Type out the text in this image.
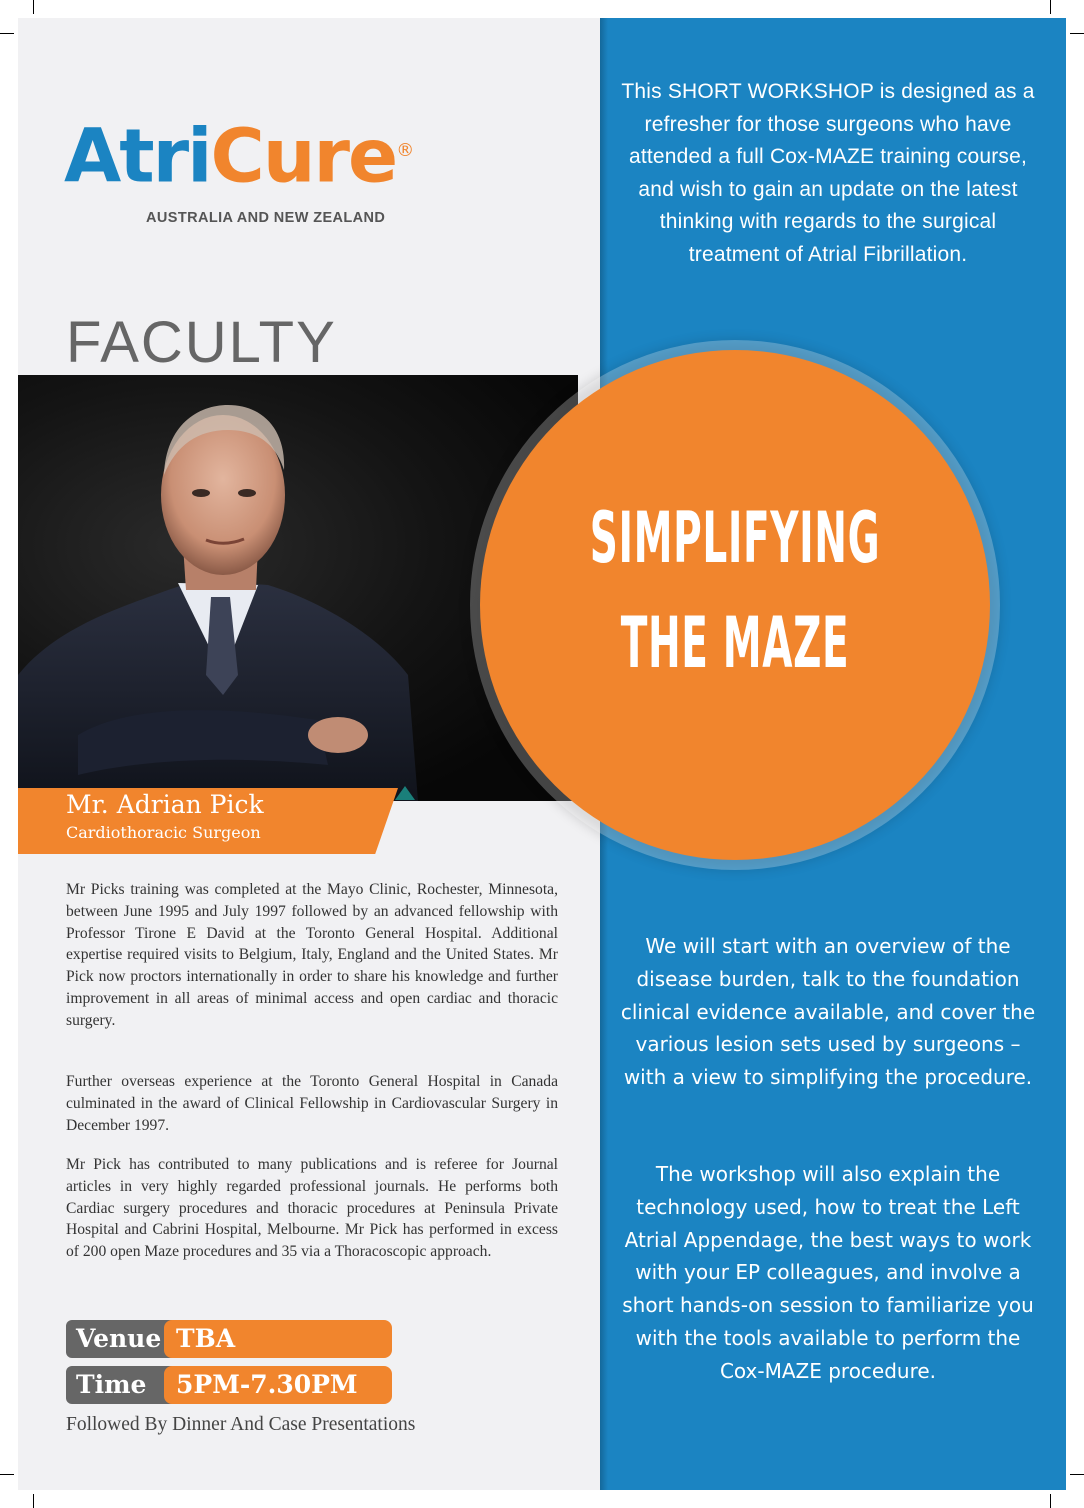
This SHORT WORKSHOP is designed as a refresher for those surgeons who have attended a full Cox-MAZE training course, and wish to gain an update on the latest thinking with regards to the surgical treatment of Atrial Fibrillation.
AtriCure®
AUSTRALIA AND NEW ZEALAND
FACULTY
SIMPLIFYING
THE MAZE
Mr. Adrian Pick
Cardiothoracic Surgeon

Mr Picks training was completed at the Mayo Clinic, Rochester, Minnesota, between June 1995 and July 1997 followed by an advanced fellowship with Professor Tirone E David at the Toronto General Hospital. Additional expertise required visits to Belgium, Italy, England and the United States. Mr Pick now proctors internationally in order to share his knowledge and further improvement in all areas of minimal access and open cardiac and thoracic surgery.

Further overseas experience at the Toronto General Hospital in Canada culminated in the award of Clinical Fellowship in Cardiovascular Surgery in December 1997.

Mr Pick has contributed to many publications and is referee for Journal articles in very highly regarded professional journals. He performs both Cardiac surgery procedures and thoracic procedures at Peninsula Private Hospital and Cabrini Hospital, Melbourne. Mr Pick has performed in excess of 200 open Maze procedures and 35 via a Thoracoscopic approach.

Venue TBA
Time 5PM-7.30PM
Followed By Dinner And Case Presentations
We will start with an overview of the disease burden, talk to the foundation clinical evidence available, and cover the various lesion sets used by surgeons – with a view to simplifying the procedure.
The workshop will also explain the technology used, how to treat the Left Atrial Appendage, the best ways to work with your EP colleagues, and involve a short hands-on session to familiarize you with the tools available to perform the Cox-MAZE procedure.
